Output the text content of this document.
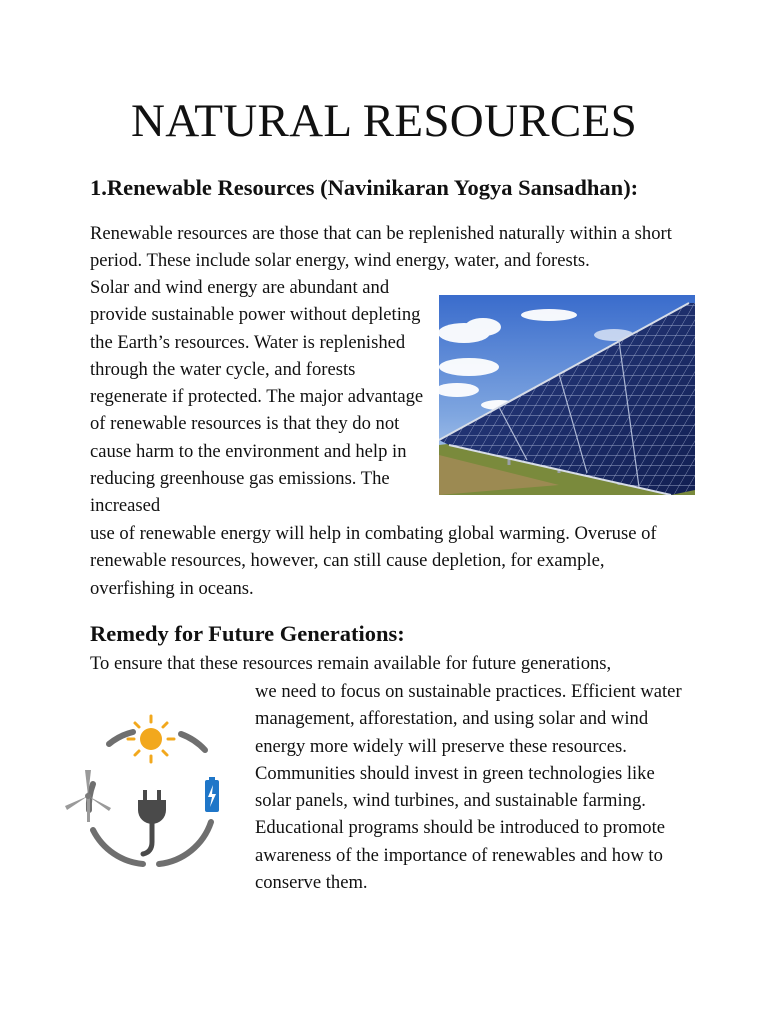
NATURAL RESOURCES
1.Renewable Resources (Navinikaran Yogya Sansadhan):

Renewable resources are those that can be replenished naturally within a short period. These include solar energy, wind energy, water, and forests.

Solar and wind energy are abundant and provide sustainable power without depleting the Earth’s resources. Water is replenished through the water cycle, and forests regenerate if protected. The major advantage of renewable resources is that they do not cause harm to the environment and help in reducing greenhouse gas emissions. The increased

use of renewable energy will help in combating global warming. Overuse of renewable resources, however, can still cause depletion, for example, overfishing in oceans.

Remedy for Future Generations:

To ensure that these resources remain available for future generations,

we need to focus on sustainable practices. Efficient water management, afforestation, and using solar and wind energy more widely will preserve these resources. Communities should invest in green technologies like solar panels, wind turbines, and sustainable farming. Educational programs should be introduced to promote awareness of the importance of renewables and how to conserve them.
